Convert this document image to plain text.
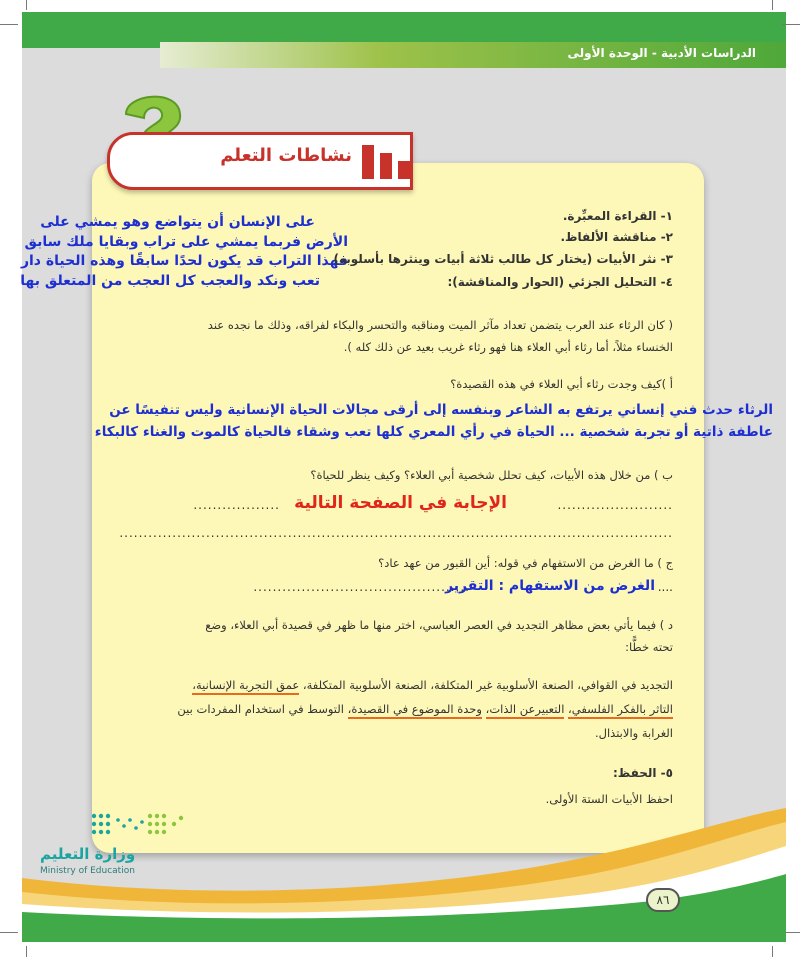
الدراسات الأدبية - الوحدة الأولى
نشاطات التعلم
على الإنسان أن يتواضع وهو يمشي على
الأرض فربما يمشي على تراب وبقايا ملك سابق
فهذا التراب قد يكون لحدًا سابقًا وهذه الحياة دار
تعب ونكد والعجب كل العجب من المتعلق بها
١- القراءة المعبِّرة.
٢- مناقشة الألفاظ.
٣- نثر الأبيات (يختار كل طالب ثلاثة أبيات وينثرها بأسلوبه)
٤- التحليل الجزئي (الحوار والمناقشة):
( كان الرثاء عند العرب يتضمن تعداد مآثر الميت ومناقبه والتحسر والبكاء لفراقه، وذلك ما نجده عند
الخنساء مثلاً، أما رثاء أبي العلاء هنا فهو رثاء غريب بعيد عن ذلك كله ).
أ )كيف وجدت رثاء أبي العلاء في هذه القصيدة؟
الرثاء حدث فني إنساني يرتفع به الشاعر وبنفسه إلى أرقى مجالات الحياة الإنسانية وليس تنفيسًا عن
عاطفة ذاتية أو تجربة شخصية ... الحياة في رأي المعري كلها تعب وشقاء فالحياة كالموت والغناء كالبكاء
ب ) من خلال هذه الأبيات، كيف تحلل شخصية أبي العلاء؟ وكيف ينظر للحياة؟
........................
الإجابة في الصفحة التالية
..................
...................................................................................................................
ج ) ما الغرض من الاستفهام في قوله: أين القبور من عهد عاد؟
....
الغرض من الاستفهام : التقرير
.............................................
د ) فيما يأتي بعض مظاهر التجديد في العصر العباسي، اختر منها ما ظهر في قصيدة أبي العلاء، وضع
تحته خطًّا:
التجديد في القوافي، الصنعة الأسلوبية غير المتكلفة، الصنعة الأسلوبية المتكلفة، عمق التجربة الإنسانية،
التاثر بالفكر الفلسفي، التعبيرعن الذات، وحدة الموضوع في القصيدة، التوسط في استخدام المفردات بين
الغرابة والابتذال.
٥- الحفظ:
احفظ الأبيات الستة الأولى.
٨٦
وزارة التعليم
Ministry of Education
